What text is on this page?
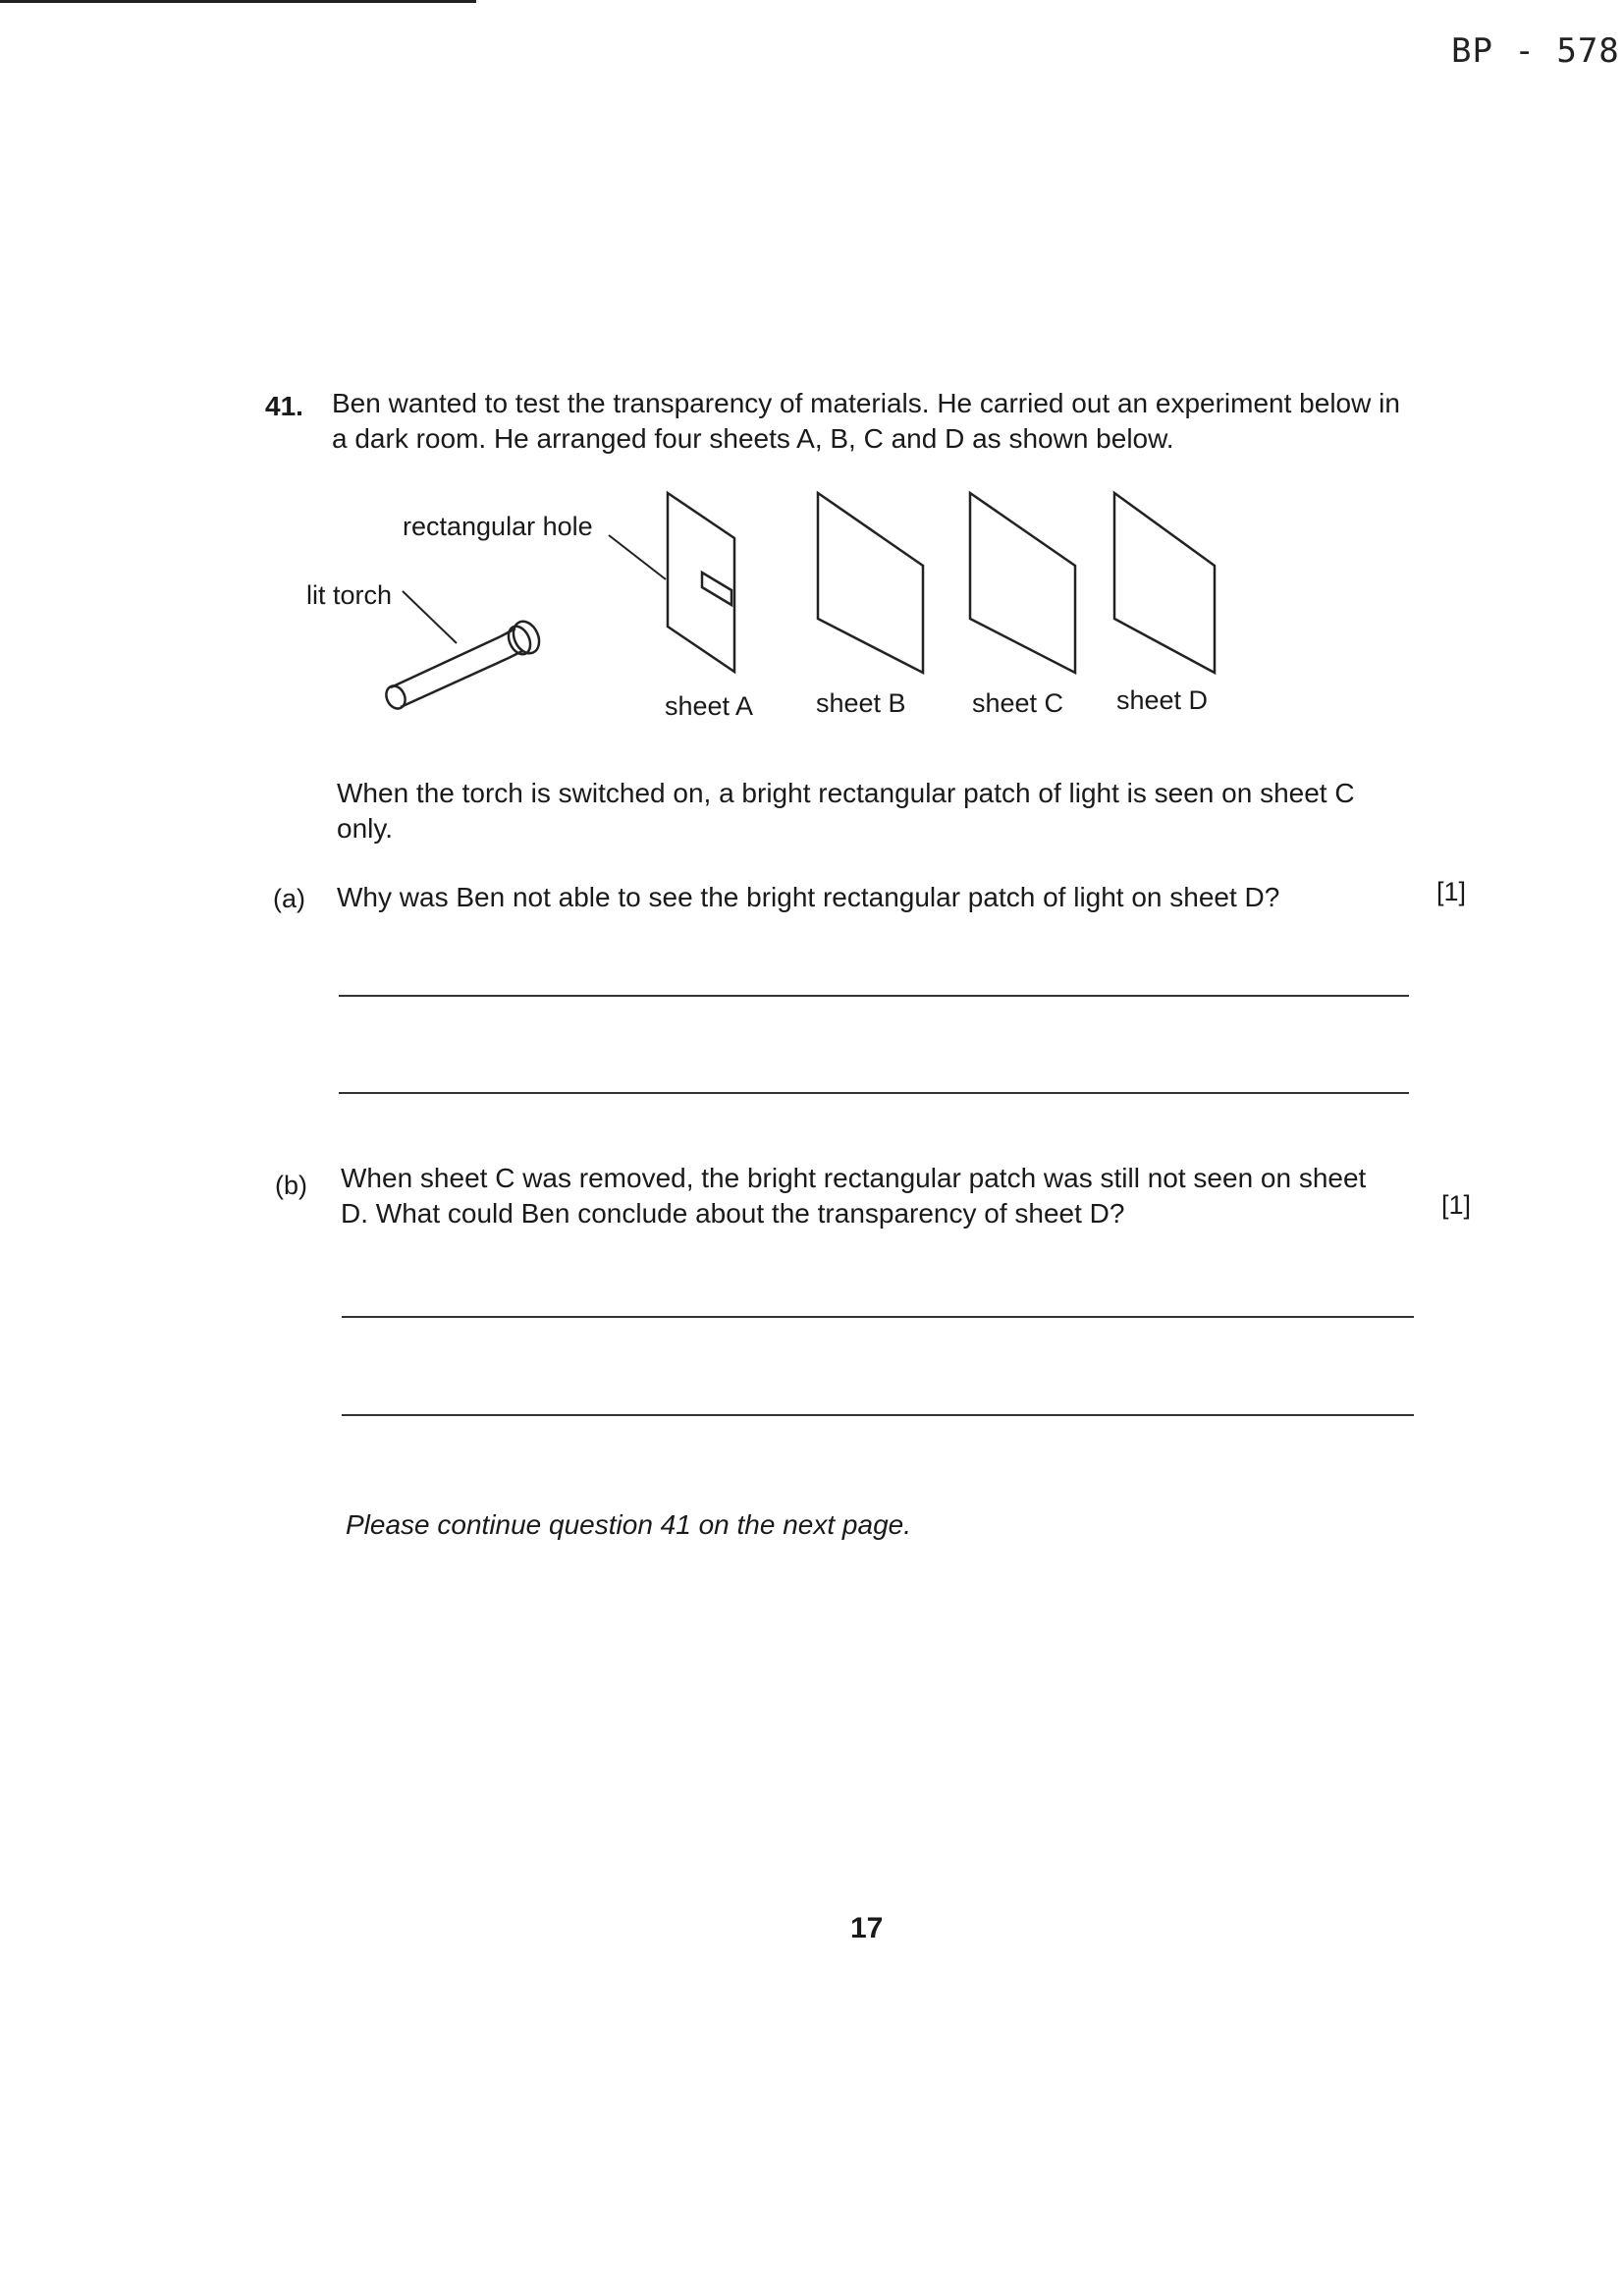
BP - 578
41. Ben wanted to test the transparency of materials. He carried out an experiment below in a dark room. He arranged four sheets A, B, C and D as shown below.
rectangular hole
lit torch
sheet A sheet B sheet C sheet D
When the torch is switched on, a bright rectangular patch of light is seen on sheet C only.
(a) Why was Ben not able to see the bright rectangular patch of light on sheet D?	[1]
(b) When sheet C was removed, the bright rectangular patch was still not seen on sheet D. What could Ben conclude about the transparency of sheet D?	[1]
Please continue question 41 on the next page.
17
